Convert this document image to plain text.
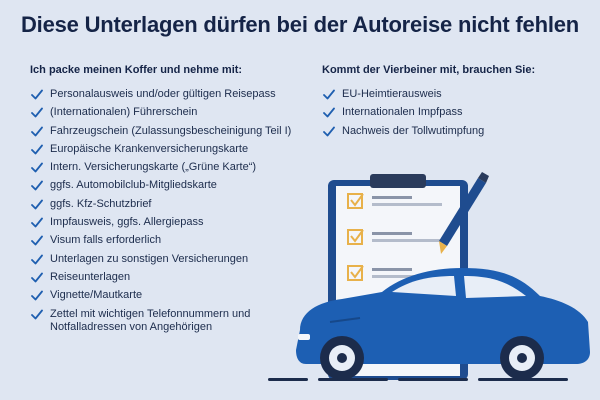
Diese Unterlagen dürfen bei der Autoreise nicht fehlen
Ich packe meinen Koffer und nehme mit:
Personalausweis und/oder gültigen Reisepass
(Internationalen) Führerschein
Fahrzeugschein (Zulassungsbescheinigung Teil I)
Europäische Krankenversicherungskarte
Intern. Versicherungskarte („Grüne Karte“)
ggfs. Automobilclub-Mitgliedskarte
ggfs. Kfz-Schutzbrief
Impfausweis, ggfs. Allergiepass
Visum falls erforderlich
Unterlagen zu sonstigen Versicherungen
Reiseunterlagen
Vignette/Mautkarte
Zettel mit wichtigen Telefonnummern und Notfalladressen von Angehörigen
Kommt der Vierbeiner mit, brauchen Sie:
EU-Heimtierausweis
Internationalen Impfpass
Nachweis der Tollwutimpfung
